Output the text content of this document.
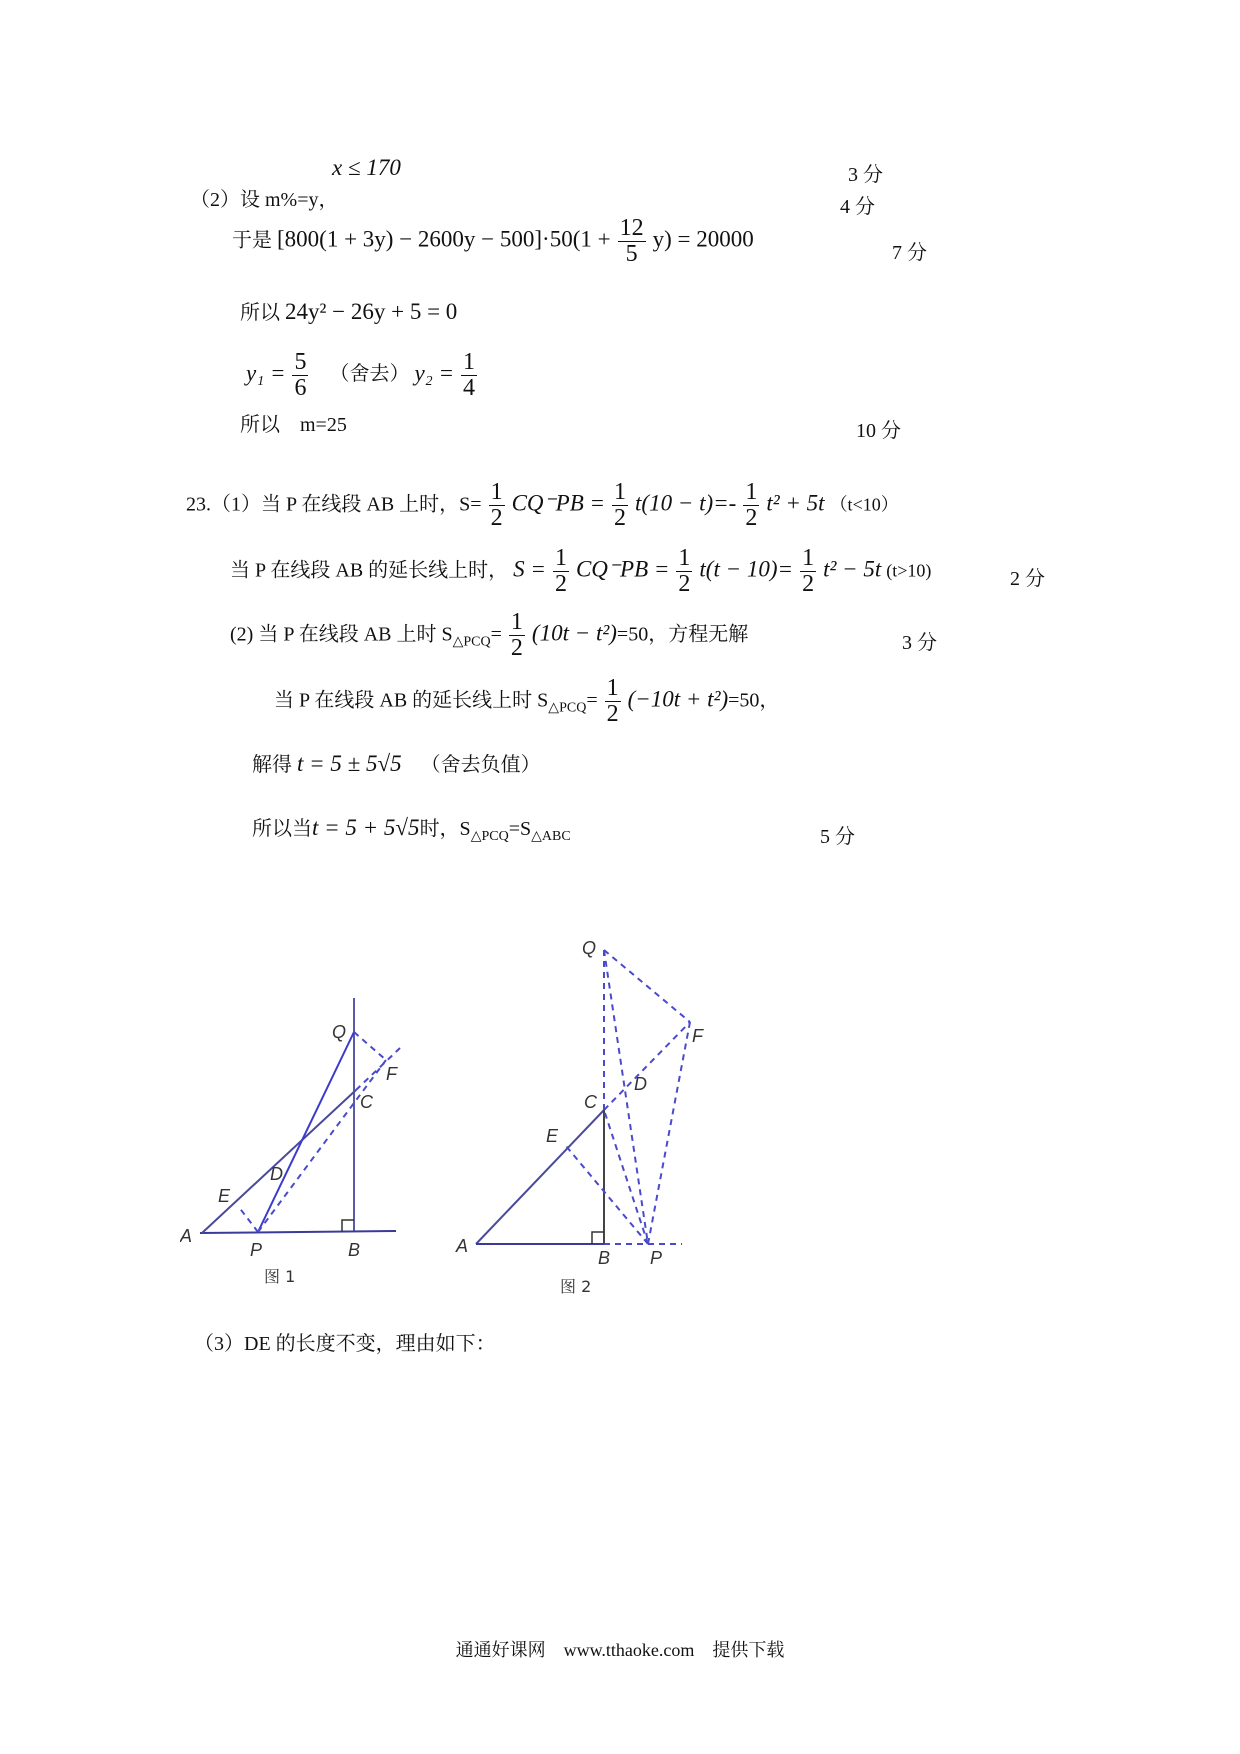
x ≤ 170	3 分
（2）设 m%=y，	4 分
于是 $[800(1 + 3y) - 2600y - 500]\cdot 50(1 + \frac{12}{5} y) = 20000$
7 分
所以 24y² − 26y + 5 = 0
$y_1 = \frac{5}{6}$ （舍去） $y_2 = \frac{1}{4}$
所以　m=25	10 分
23.（1）当 P 在线段 AB 上时，$S= \frac{1}{2} CQ^-PB = \frac{1}{2} t(10 - t)=- \frac{1}{2} t^2 + 5t$ （t<10）
当 P 在线段 AB 的延长线上时， $S = \frac{1}{2} CQ^-PB = \frac{1}{2} t(t - 10)= \frac{1}{2} t^2 - 5t$ (t>10)	2 分
(2) 当 P 在线段 AB 上时 $S_{\triangle PCQ}= \frac{1}{2} (10t - t^2)=50$，方程无解	3 分
当 P 在线段 AB 的延长线上时 $S_{\triangle PCQ}= \frac{1}{2} (-10t + t^2)=50$，
解得 t = 5 ± 5√5 （舍去负值）
所以当t = 5 + 5√5时，$S_{\triangle PCQ}=S_{\triangle ABC}$	5 分
Q
F
C
D
E
A
P	B
图 1
Q
F
D
C
E
A
B P
图 2
（3）DE 的长度不变，理由如下：
通通好课网　www.tthaoke.com　提供下载
